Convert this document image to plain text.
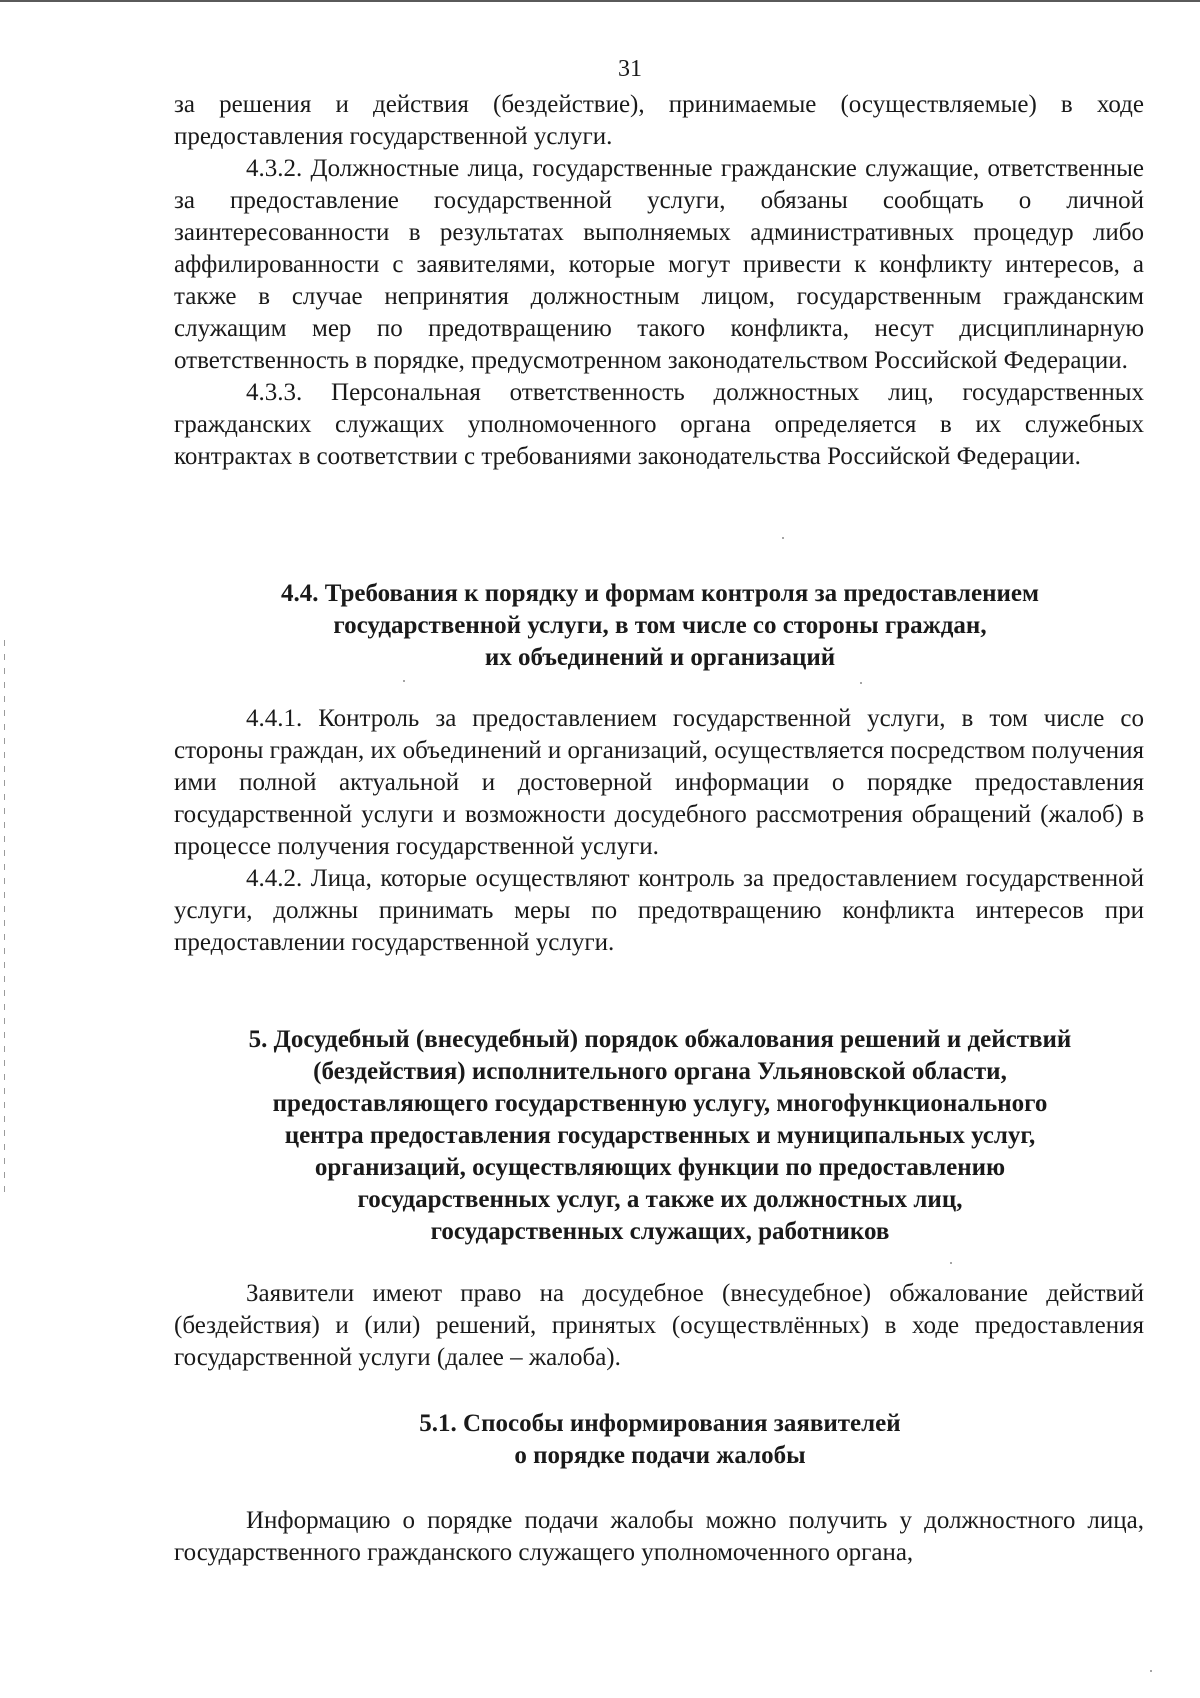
31

за решения и действия (бездействие), принимаемые (осуществляемые) в ходе предоставления государственной услуги.

4.3.2. Должностные лица, государственные гражданские служащие, ответственные за предоставление государственной услуги, обязаны сообщать о личной заинтересованности в результатах выполняемых административных процедур либо аффилированности с заявителями, которые могут привести к конфликту интересов, а также в случае непринятия должностным лицом, государственным гражданским служащим мер по предотвращению такого конфликта, несут дисциплинарную ответственность в порядке, предусмотренном законодательством Российской Федерации.

4.3.3. Персональная ответственность должностных лиц, государственных гражданских служащих уполномоченного органа определяется в их служебных контрактах в соответствии с требованиями законодательства Российской Федерации.

4.4. Требования к порядку и формам контроля за предоставлением
государственной услуги, в том числе со стороны граждан,
их объединений и организаций

4.4.1. Контроль за предоставлением государственной услуги, в том числе со стороны граждан, их объединений и организаций, осуществляется посредством получения ими полной актуальной и достоверной информации о порядке предоставления государственной услуги и возможности досудебного рассмотрения обращений (жалоб) в процессе получения государственной услуги.

4.4.2. Лица, которые осуществляют контроль за предоставлением государственной услуги, должны принимать меры по предотвращению конфликта интересов при предоставлении государственной услуги.

5. Досудебный (внесудебный) порядок обжалования решений и действий
(бездействия) исполнительного органа Ульяновской области,
предоставляющего государственную услугу, многофункционального
центра предоставления государственных и муниципальных услуг,
организаций, осуществляющих функции по предоставлению
государственных услуг, а также их должностных лиц,
государственных служащих, работников

Заявители имеют право на досудебное (внесудебное) обжалование действий (бездействия) и (или) решений, принятых (осуществлённых) в ходе предоставления государственной услуги (далее – жалоба).

5.1. Способы информирования заявителей
о порядке подачи жалобы

Информацию о порядке подачи жалобы можно получить у должностного лица, государственного гражданского служащего уполномоченного органа,
